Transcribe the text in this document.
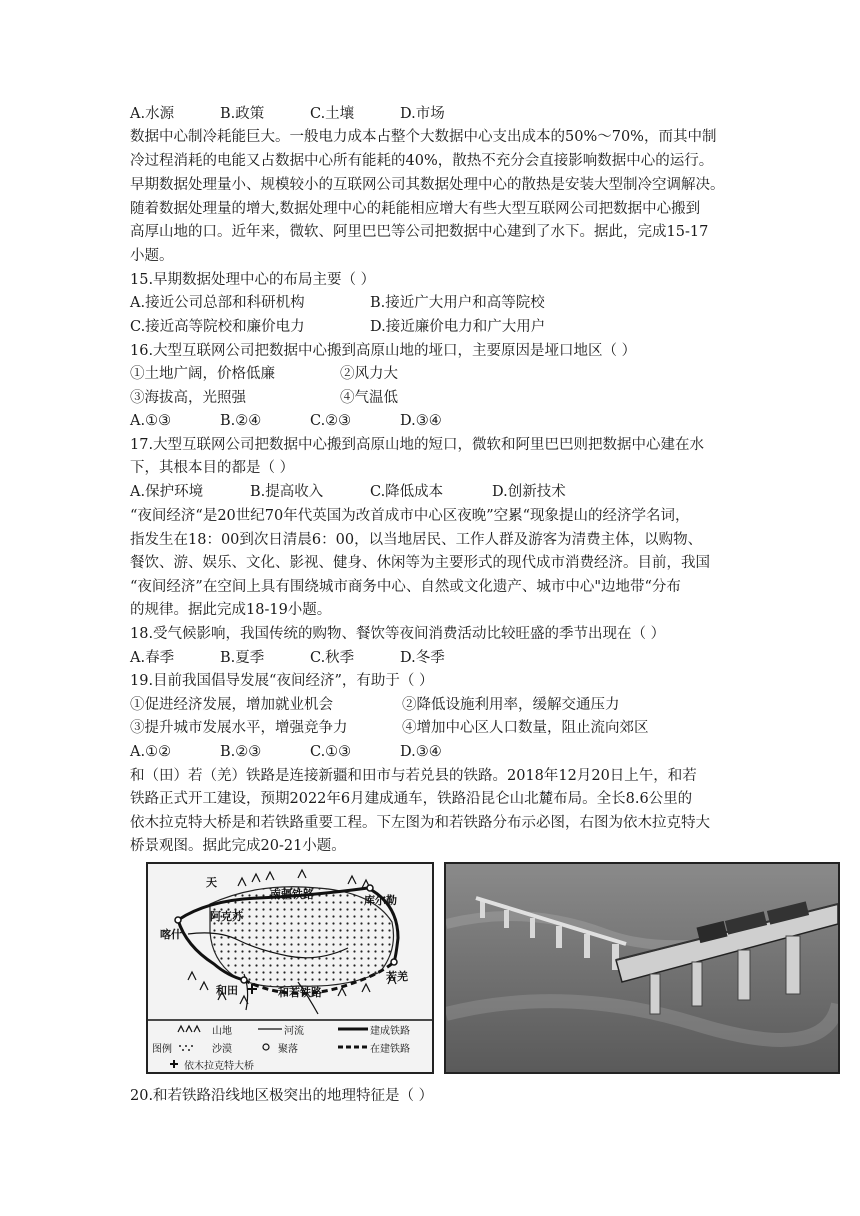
A.水源	B.政策	C.土壤	D.市场
数据中心制冷耗能巨大。一般电力成本占整个大数据中心支出成本的50%～70%，而其中制
冷过程消耗的电能又占数据中心所有能耗的40%，散热不充分会直接影响数据中心的运行。
早期数据处理量小、规模较小的互联网公司其数据处理中心的散热是安装大型制冷空调解决。
随着数据处理量的增大,数据处理中心的耗能相应增大有些大型互联网公司把数据中心搬到
高厚山地的口。近年来，微软、阿里巴巴等公司把数据中心建到了水下。据此，完成15-17
小题。
15.早期数据处理中心的布局主要（ ）
A.接近公司总部和科研机构	B.接近广大用户和高等院校
C.接近高等院校和廉价电力	D.接近廉价电力和广大用户
16.大型互联网公司把数据中心搬到高原山地的垭口，主要原因是垭口地区（ ）
①土地广阔，价格低廉	②风力大
③海拔高，光照强	④气温低
A.①③	B.②④	C.②③	D.③④
17.大型互联网公司把数据中心搬到高原山地的短口，微软和阿里巴巴则把数据中心建在水
下，其根本目的都是（ ）
A.保护环境	B.提高收入	C.降低成本	D.创新技术
“夜间经济“是20世纪70年代英国为改首成市中心区夜晚”空累“现象提山的经济学名词，
指发生在18：00到次日清晨6：00，以当地居民、工作人群及游客为清费主体，以购物、
餐饮、游、娱乐、文化、影视、健身、休闲等为主要形式的现代成市消费经济。目前，我国
“夜间经济”在空间上具有围绕城市商务中心、自然或文化遗产、城市中心"边地带“分布
的规律。据此完成18-19小题。
18.受气候影响，我国传统的购物、餐饮等夜间消费活动比较旺盛的季节出现在（ ）
A.春季	B.夏季	C.秋季	D.冬季
19.目前我国倡导发展“夜间经济”，有助于（ ）
①促进经济发展，增加就业机会	②降低设施利用率，缓解交通压力
③提升城市发展水平，增强竞争力	④增加中心区人口数量，阻止流向郊区
A.①②	B.②③	C.①③	D.③④
和（田）若（羌）铁路是连接新疆和田市与若兑县的铁路。2018年12月20日上午，和若
铁路正式开工建设，预期2022年6月建成通车，铁路沿昆仑山北麓布局。全长8.6公里的
依木拉克特大桥是和若铁路重要工程。下左图为和若铁路分布示必图，右图为依木拉克特大
桥景观图。据此完成20-21小题。
天
南疆铁路	库尔勒
阿克苏
喀什
和田	和若铁路
若羌
图例
山地	河流	建成铁路
沙漠	聚落	在建铁路
依木拉克特大桥
20.和若铁路沿线地区极突出的地理特征是（ ）
